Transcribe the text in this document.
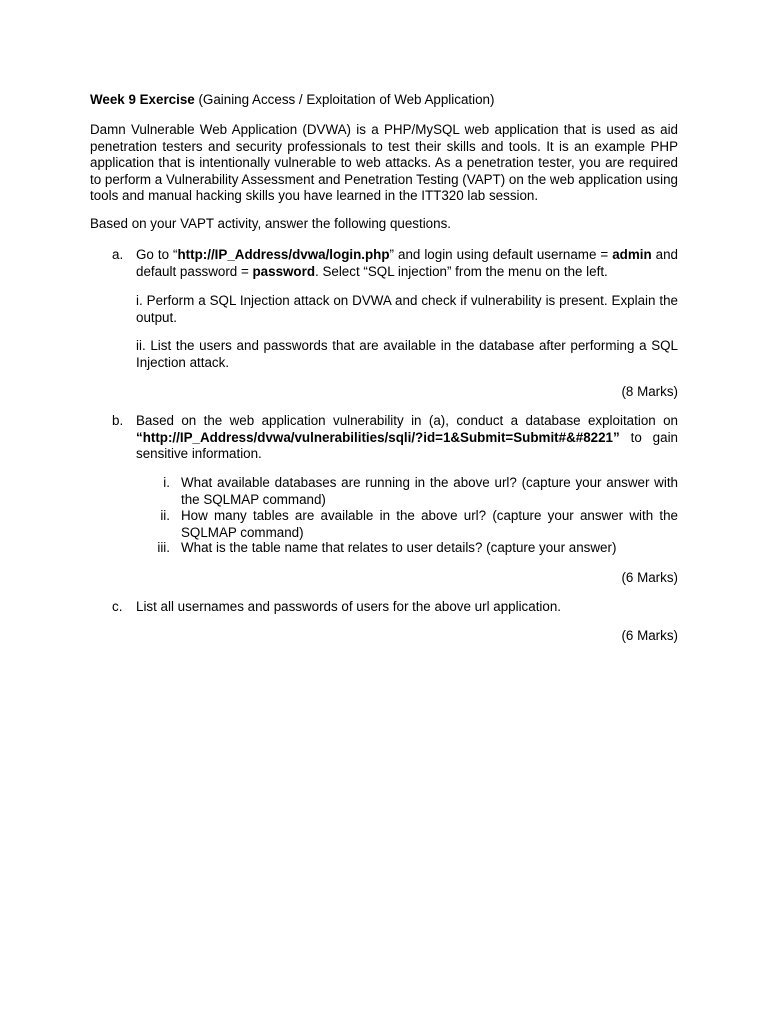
Week 9 Exercise (Gaining Access / Exploitation of Web Application)
Damn Vulnerable Web Application (DVWA) is a PHP/MySQL web application that is used as aid penetration testers and security professionals to test their skills and tools. It is an example PHP application that is intentionally vulnerable to web attacks. As a penetration tester, you are required to perform a Vulnerability Assessment and Penetration Testing (VAPT) on the web application using tools and manual hacking skills you have learned in the ITT320 lab session.
Based on your VAPT activity, answer the following questions.
a. Go to “http://IP_Address/dvwa/login.php” and login using default username = admin and default password = password. Select “SQL injection” from the menu on the left.
i. Perform a SQL Injection attack on DVWA and check if vulnerability is present. Explain the output.
ii. List the users and passwords that are available in the database after performing a SQL Injection attack.
(8 Marks)
b. Based on the web application vulnerability in (a), conduct a database exploitation on “http://IP_Address/dvwa/vulnerabilities/sqli/?id=1&Submit=Submit#&#8221” to gain sensitive information.
i. What available databases are running in the above url? (capture your answer with the SQLMAP command)
ii. How many tables are available in the above url? (capture your answer with the SQLMAP command)
iii. What is the table name that relates to user details? (capture your answer)
(6 Marks)
c.	List all usernames and passwords of users for the above url application.
(6 Marks)
